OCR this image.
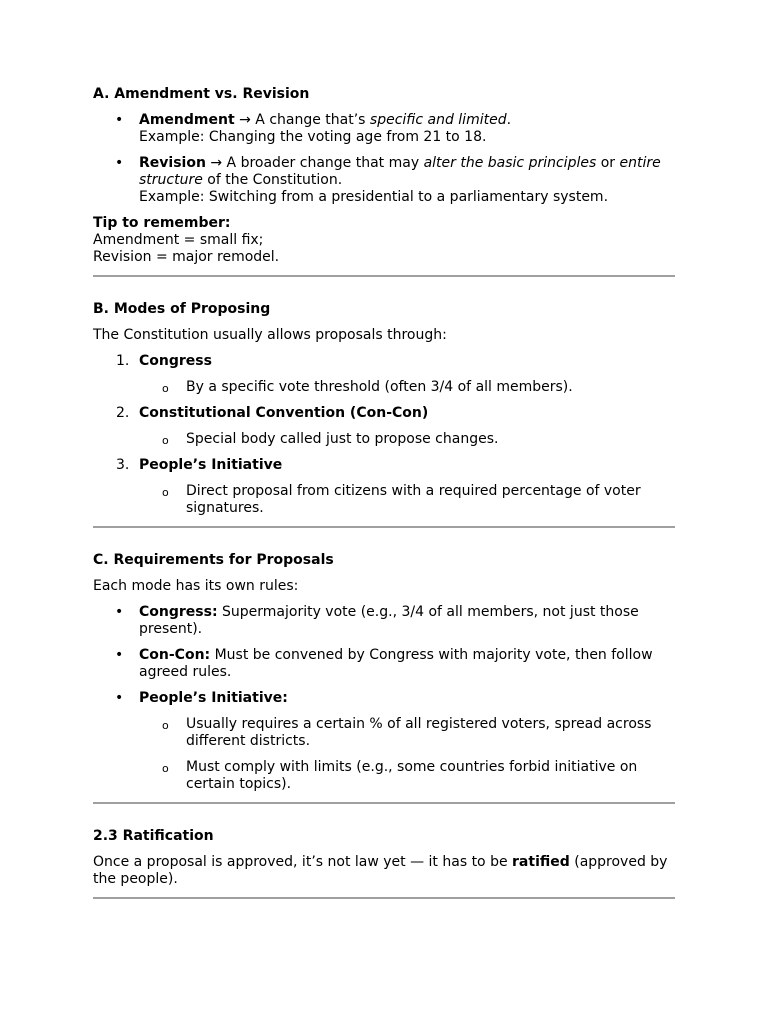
A. Amendment vs. Revision
•	Amendment → A change that’s specific and limited.
Example: Changing the voting age from 21 to 18.
•	Revision → A broader change that may alter the basic principles or entire structure of the Constitution.
Example: Switching from a presidential to a parliamentary system.
Tip to remember:
Amendment = small fix;
Revision = major remodel.
B. Modes of Proposing
The Constitution usually allows proposals through:
1. Congress
o By a specific vote threshold (often 3/4 of all members).
2. Constitutional Convention (Con-Con)
o Special body called just to propose changes.
3. People’s Initiative
o Direct proposal from citizens with a required percentage of voter signatures.
C. Requirements for Proposals
Each mode has its own rules:
•	Congress: Supermajority vote (e.g., 3/4 of all members, not just those present).
•	Con-Con: Must be convened by Congress with majority vote, then follow agreed rules.
•	People’s Initiative:
o Usually requires a certain % of all registered voters, spread across different districts.
o Must comply with limits (e.g., some countries forbid initiative on certain topics).
2.3 Ratification
Once a proposal is approved, it’s not law yet — it has to be ratified (approved by the people).
